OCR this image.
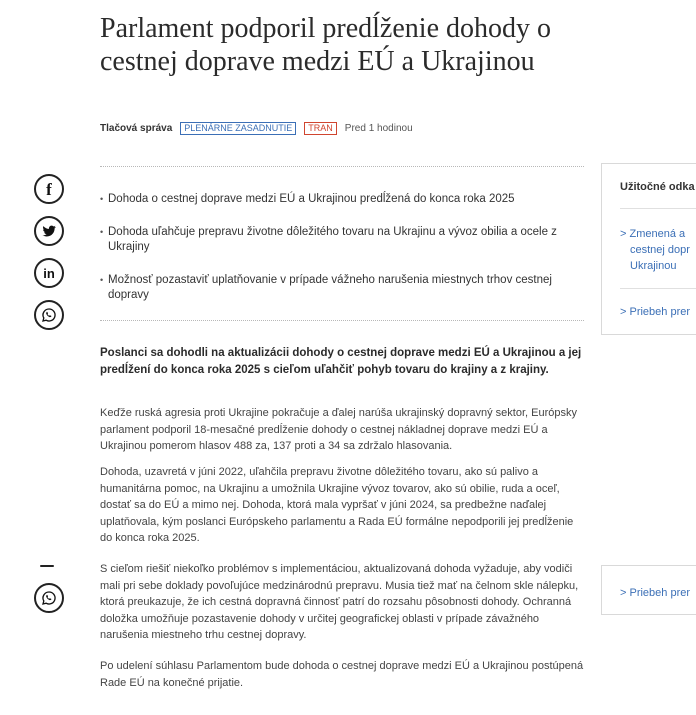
Parlament podporil predĺženie dohody o cestnej doprave medzi EÚ a Ukrajinou
Tlačová správa	PLENÁRNE ZASADNUTIE	TRAN	Pred 1 hodinou
• Dohoda o cestnej doprave medzi EÚ a Ukrajinou predĺžená do konca roka 2025
• Dohoda uľahčuje prepravu životne dôležitého tovaru na Ukrajinu a vývoz obilia a ocele z Ukrajiny
• Možnosť pozastaviť uplatňovanie v prípade vážneho narušenia miestnych trhov cestnej dopravy
f
in

Poslanci sa dohodli na aktualizácii dohody o cestnej doprave medzi EÚ a Ukrajinou a jej predĺžení do konca roka 2025 s cieľom uľahčiť pohyb tovaru do krajiny a z krajiny.

Keďže ruská agresia proti Ukrajine pokračuje a ďalej narúša ukrajinský dopravný sektor, Európsky parlament podporil 18-mesačné predĺženie dohody o cestnej nákladnej doprave medzi EÚ a Ukrajinou pomerom hlasov 488 za, 137 proti a 34 sa zdržalo hlasovania.

Dohoda, uzavretá v júni 2022, uľahčila prepravu životne dôležitého tovaru, ako sú palivo a humanitárna pomoc, na Ukrajinu a umožnila Ukrajine vývoz tovarov, ako sú obilie, ruda a oceľ, dostať sa do EÚ a mimo nej. Dohoda, ktorá mala vypršať v júni 2024, sa predbežne naďalej uplatňovala, kým poslanci Európskeho parlamentu a Rada EÚ formálne nepodporili jej predĺženie do konca roka 2025.

S cieľom riešiť niekoľko problémov s implementáciou, aktualizovaná dohoda vyžaduje, aby vodiči mali pri sebe doklady povoľujúce medzinárodnú prepravu. Musia tiež mať na čelnom skle nálepku, ktorá preukazuje, že ich cestná dopravná činnosť patrí do rozsahu pôsobnosti dohody. Ochranná doložka umožňuje pozastavenie dohody v určitej geografickej oblasti v prípade závažného narušenia miestneho trhu cestnej dopravy.

Po udelení súhlasu Parlamentom bude dohoda o cestnej doprave medzi EÚ a Ukrajinou postúpená Rade EÚ na konečné prijatie.

Užitočné odka
> Zmenená a
cestnej dopr
Ukrajinou
> Priebeh prer
> Priebeh prer
